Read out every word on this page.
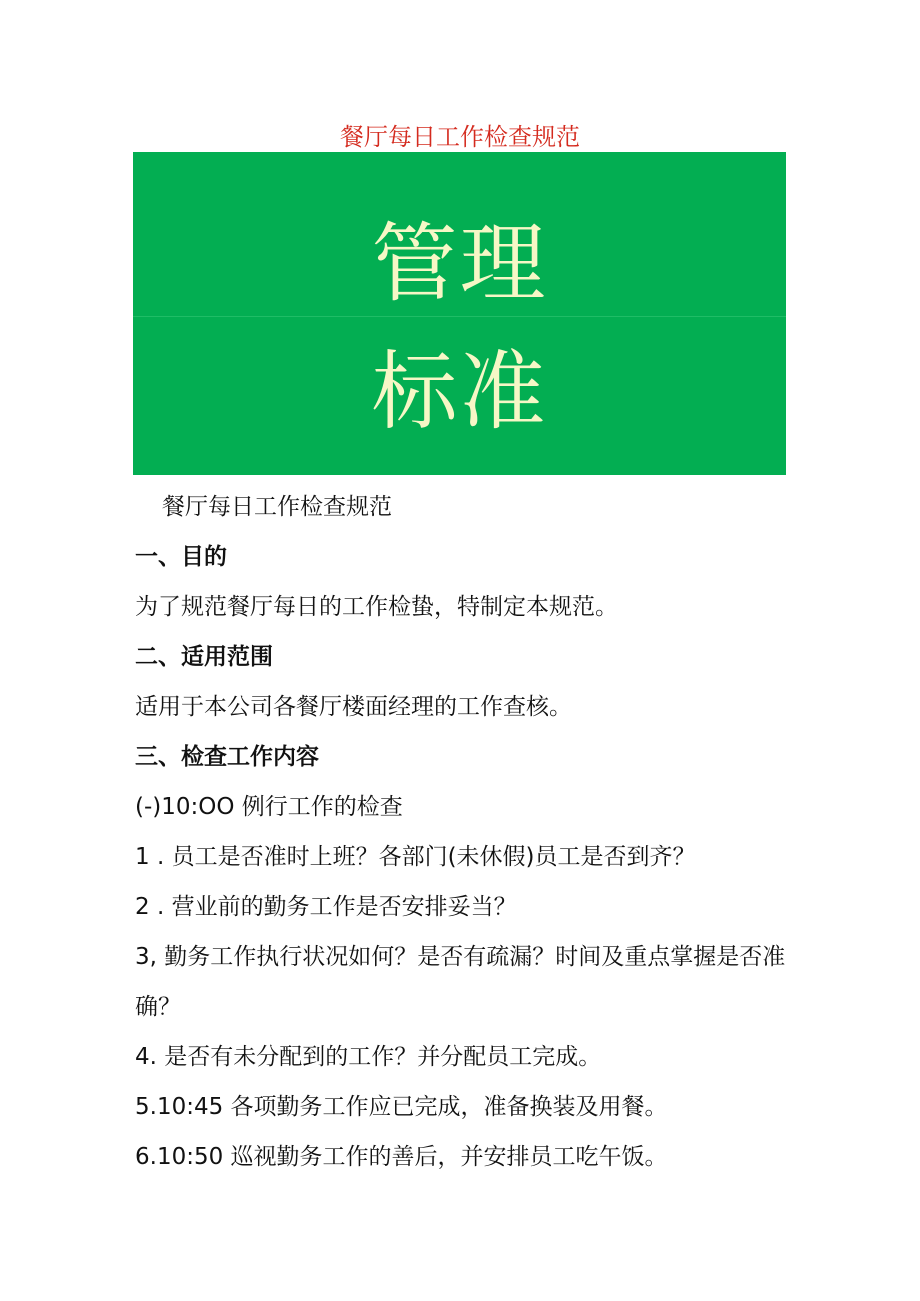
餐厅每日工作检查规范
管理
标准
餐厅每日工作检查规范
一、目的
为了规范餐厅每日的工作检蛰，特制定本规范。
二、适用范围
适用于本公司各餐厅楼面经理的工作查核。
三、检查工作内容
(-)10:OO 例行工作的检查
1 . 员工是否准时上班？各部门(未休假)员工是否到齐？
2 . 营业前的勤务工作是否安排妥当？
3, 勤务工作执行状况如何？是否有疏漏？时间及重点掌握是否准确？
4. 是否有未分配到的工作？并分配员工完成。
5.10:45 各项勤务工作应已完成，准备换装及用餐。
6.10:50 巡视勤务工作的善后，并安排员工吃午饭。
